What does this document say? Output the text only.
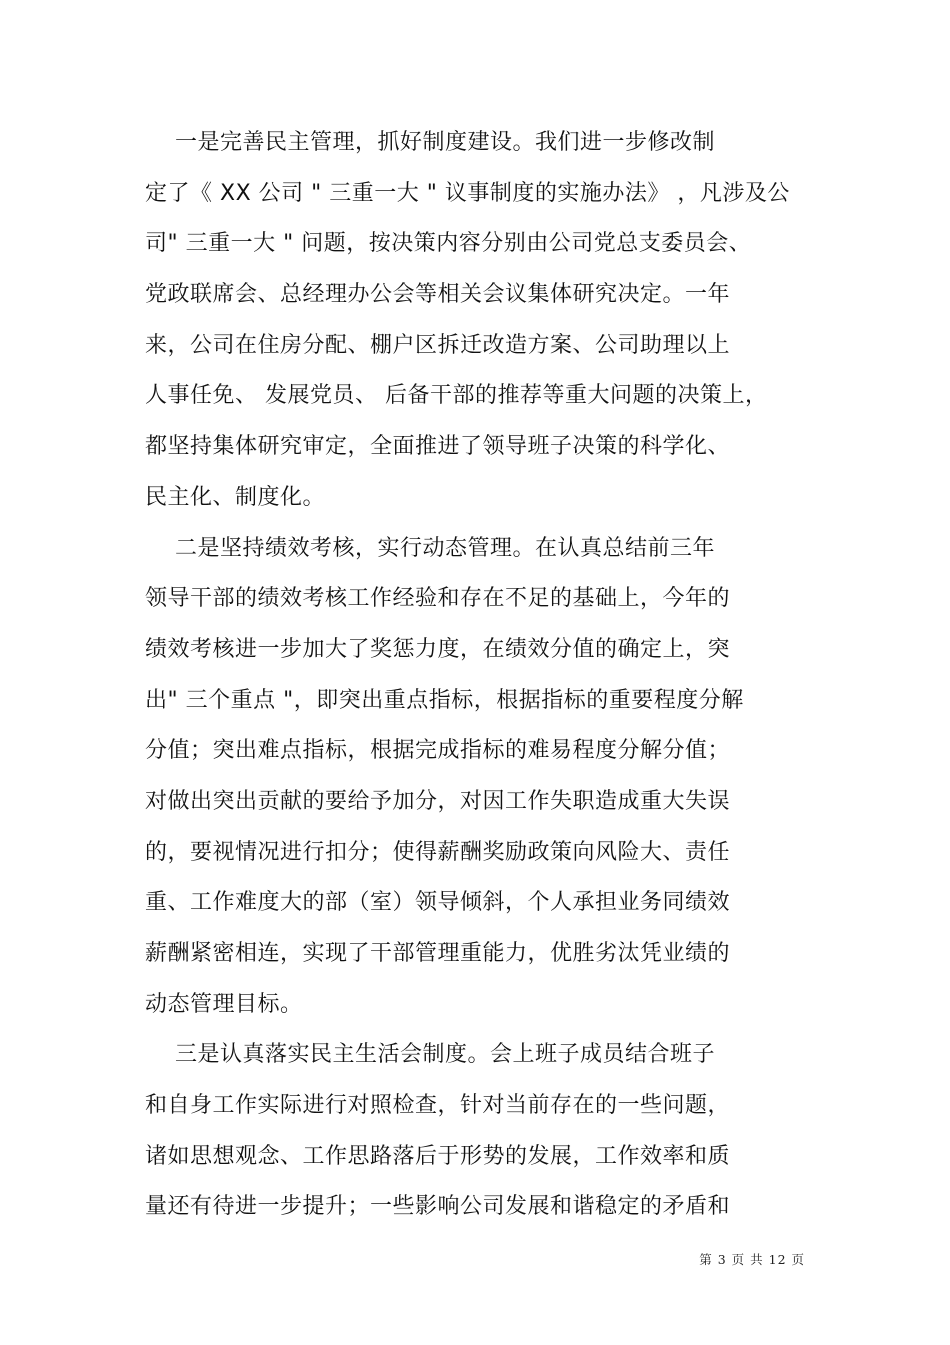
一是完善民主管理，抓好制度建设。我们进一步修改制
定了《 XX 公司 " 三重一大 " 议事制度的实施办法》 ，凡涉及公
司" 三重一大 " 问题，按决策内容分别由公司党总支委员会、
党政联席会、总经理办公会等相关会议集体研究决定。一年
来，公司在住房分配、棚户区拆迁改造方案、公司助理以上
人事任免、 发展党员、 后备干部的推荐等重大问题的决策上，
都坚持集体研究审定，全面推进了领导班子决策的科学化、
民主化、制度化。
二是坚持绩效考核，实行动态管理。在认真总结前三年
领导干部的绩效考核工作经验和存在不足的基础上，今年的
绩效考核进一步加大了奖惩力度，在绩效分值的确定上，突
出" 三个重点 "，即突出重点指标，根据指标的重要程度分解
分值；突出难点指标，根据完成指标的难易程度分解分值；
对做出突出贡献的要给予加分，对因工作失职造成重大失误
的，要视情况进行扣分；使得薪酬奖励政策向风险大、责任
重、工作难度大的部（室）领导倾斜，个人承担业务同绩效
薪酬紧密相连，实现了干部管理重能力，优胜劣汰凭业绩的
动态管理目标。
三是认真落实民主生活会制度。会上班子成员结合班子
和自身工作实际进行对照检查，针对当前存在的一些问题，
诸如思想观念、工作思路落后于形势的发展，工作效率和质
量还有待进一步提升；一些影响公司发展和谐稳定的矛盾和
第 3 页 共 12 页
